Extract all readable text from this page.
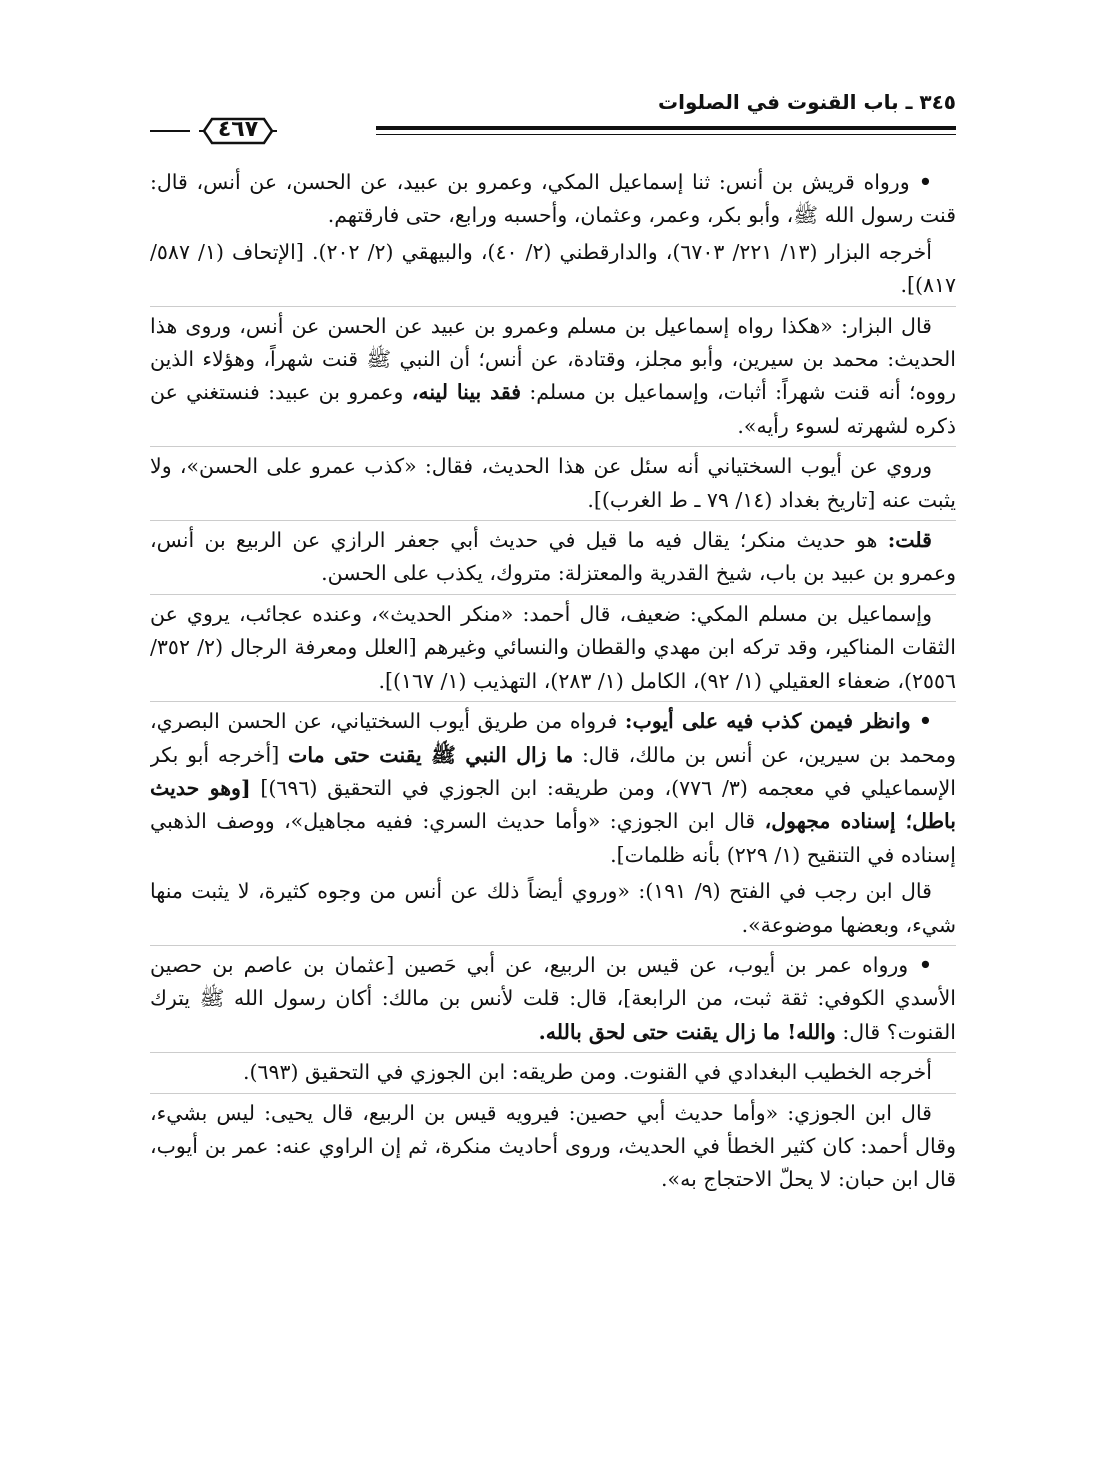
٣٤٥ ـ باب القنوت في الصلوات
٤٦٧

• ورواه قريش بن أنس: ثنا إسماعيل المكي، وعمرو بن عبيد، عن الحسن، عن أنس، قال: قنت رسول الله ﷺ، وأبو بكر، وعمر، وعثمان، وأحسبه ورابع، حتى فارقتهم.

أخرجه البزار (١٣/ ٢٢١/ ٦٧٠٣)، والدارقطني (٢/ ٤٠)، والبيهقي (٢/ ٢٠٢). [الإتحاف (١/ ٥٨٧/ ٨١٧)].

قال البزار: «هكذا رواه إسماعيل بن مسلم وعمرو بن عبيد عن الحسن عن أنس، وروى هذا الحديث: محمد بن سيرين، وأبو مجلز، وقتادة، عن أنس؛ أن النبي ﷺ قنت شهراً، وهؤلاء الذين رووه؛ أنه قنت شهراً: أثبات، وإسماعيل بن مسلم: فقد بينا لينه، وعمرو بن عبيد: فنستغني عن ذكره لشهرته لسوء رأيه».

وروي عن أيوب السختياني أنه سئل عن هذا الحديث، فقال: «كذب عمرو على الحسن»، ولا يثبت عنه [تاريخ بغداد (١٤/ ٧٩ ـ ط الغرب)].

قلت: هو حديث منكر؛ يقال فيه ما قيل في حديث أبي جعفر الرازي عن الربيع بن أنس، وعمرو بن عبيد بن باب، شيخ القدرية والمعتزلة: متروك، يكذب على الحسن.

وإسماعيل بن مسلم المكي: ضعيف، قال أحمد: «منكر الحديث»، وعنده عجائب، يروي عن الثقات المناكير، وقد تركه ابن مهدي والقطان والنسائي وغيرهم [العلل ومعرفة الرجال (٢/ ٣٥٢/ ٢٥٥٦)، ضعفاء العقيلي (١/ ٩٢)، الكامل (١/ ٢٨٣)، التهذيب (١/ ١٦٧)].

• وانظر فيمن كذب فيه على أيوب: فرواه من طريق أيوب السختياني، عن الحسن البصري، ومحمد بن سيرين، عن أنس بن مالك، قال: ما زال النبي ﷺ يقنت حتى مات [أخرجه أبو بكر الإسماعيلي في معجمه (٣/ ٧٧٦)، ومن طريقه: ابن الجوزي في التحقيق (٦٩٦)] [وهو حديث باطل؛ إسناده مجهول، قال ابن الجوزي: «وأما حديث السري: ففيه مجاهيل»، ووصف الذهبي إسناده في التنقيح (١/ ٢٢٩) بأنه ظلمات].

قال ابن رجب في الفتح (٩/ ١٩١): «وروي أيضاً ذلك عن أنس من وجوه كثيرة، لا يثبت منها شيء، وبعضها موضوعة».

• ورواه عمر بن أيوب، عن قيس بن الربيع، عن أبي حَصين [عثمان بن عاصم بن حصين الأسدي الكوفي: ثقة ثبت، من الرابعة]، قال: قلت لأنس بن مالك: أكان رسول الله ﷺ يترك القنوت؟ قال: والله! ما زال يقنت حتى لحق بالله.

أخرجه الخطيب البغدادي في القنوت. ومن طريقه: ابن الجوزي في التحقيق (٦٩٣).

قال ابن الجوزي: «وأما حديث أبي حصين: فيرويه قيس بن الربيع، قال يحيى: ليس بشيء، وقال أحمد: كان كثير الخطأ في الحديث، وروى أحاديث منكرة، ثم إن الراوي عنه: عمر بن أيوب، قال ابن حبان: لا يحلّ الاحتجاج به».
